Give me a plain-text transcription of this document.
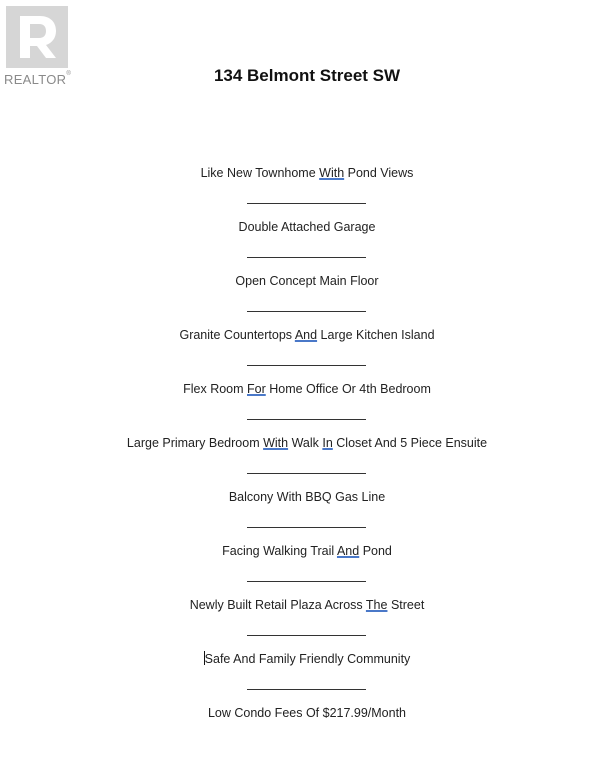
REALTOR®	134 Belmont Street SW
Like New Townhome With Pond Views
Double Attached Garage
Open Concept Main Floor
Granite Countertops And Large Kitchen Island
Flex Room For Home Office Or 4th Bedroom
Large Primary Bedroom With Walk In Closet And 5 Piece Ensuite
Balcony With BBQ Gas Line
Facing Walking Trail And Pond
Newly Built Retail Plaza Across The Street
Safe And Family Friendly Community
Low Condo Fees Of $217.99/Month
